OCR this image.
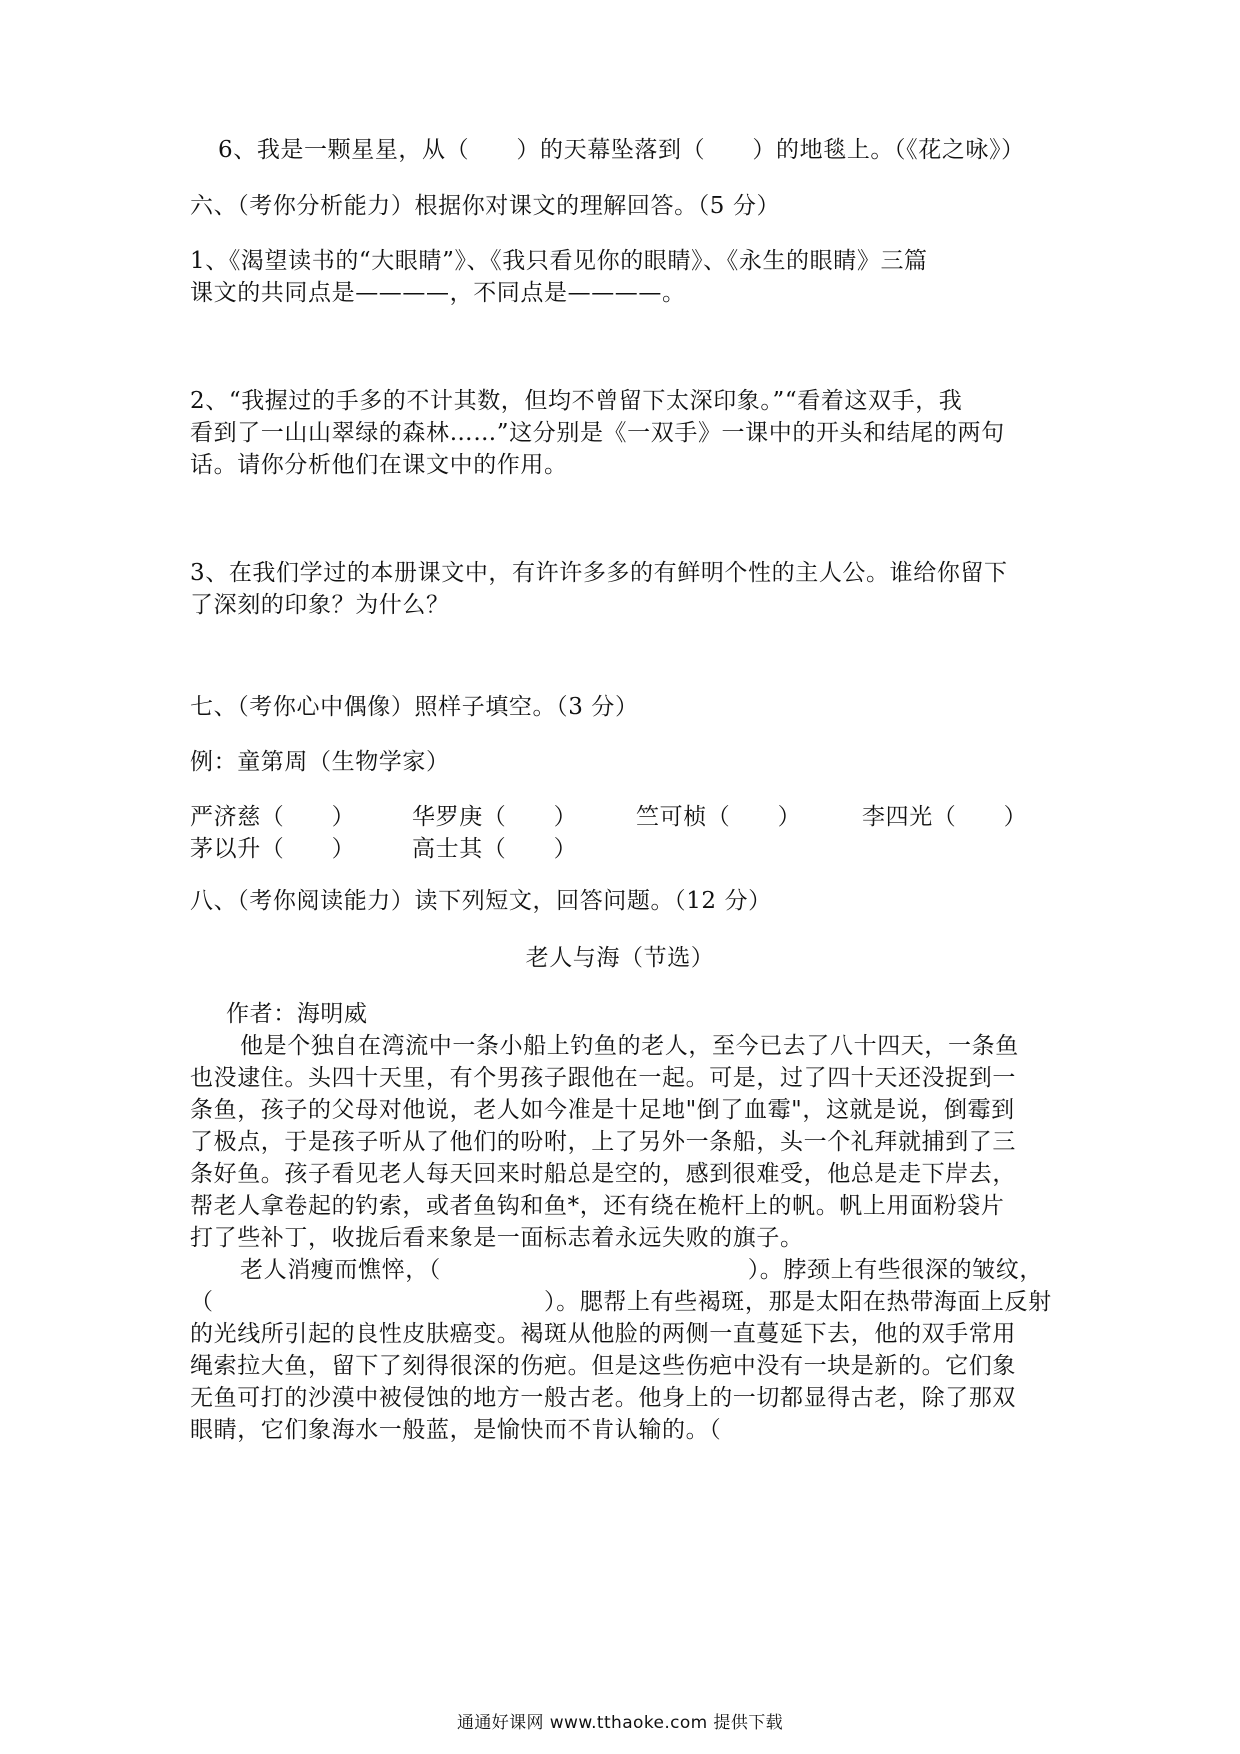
6、我是一颗星星，从（　　）的天幕坠落到（　　）的地毯上。（《花之咏》）
六、（考你分析能力）根据你对课文的理解回答。（5 分）
1、《渴望读书的“大眼睛”》、《我只看见你的眼睛》、《永生的眼睛》三篇
课文的共同点是————，不同点是————。
2、“我握过的手多的不计其数，但均不曾留下太深印象。”“看着这双手，我
看到了一山山翠绿的森林……”这分别是《一双手》一课中的开头和结尾的两句
话。请你分析他们在课文中的作用。
3、在我们学过的本册课文中，有许许多多的有鲜明个性的主人公。谁给你留下
了深刻的印象？为什么？
七、（考你心中偶像）照样子填空。（3 分）
例：童第周（生物学家）
严济慈（　　） 华罗庚（　　）	竺可桢（　　）	李四光（　　）
茅以升（　　） 高士其（　　）
八、（考你阅读能力）读下列短文，回答问题。（12 分）
老人与海（节选）
作者：海明威
他是个独自在湾流中一条小船上钓鱼的老人，至今已去了八十四天，一条鱼
也没逮住。头四十天里，有个男孩子跟他在一起。可是，过了四十天还没捉到一
条鱼，孩子的父母对他说，老人如今准是十足地"倒了血霉"，这就是说，倒霉到
了极点，于是孩子听从了他们的吩咐，上了另外一条船，头一个礼拜就捕到了三
条好鱼。孩子看见老人每天回来时船总是空的，感到很难受，他总是走下岸去，
帮老人拿卷起的钓索，或者鱼钩和鱼*，还有绕在桅杆上的帆。帆上用面粉袋片
打了些补丁，收拢后看来象是一面标志着永远失败的旗子。
老人消瘦而憔悴，（　　　　　　　　　　　　　）。脖颈上有些很深的皱纹，
（　　　　　　　　　　　　　　）。腮帮上有些褐斑，那是太阳在热带海面上反射
的光线所引起的良性皮肤癌变。褐斑从他脸的两侧一直蔓延下去，他的双手常用
绳索拉大鱼，留下了刻得很深的伤疤。但是这些伤疤中没有一块是新的。它们象
无鱼可打的沙漠中被侵蚀的地方一般古老。他身上的一切都显得古老，除了那双
眼睛，它们象海水一般蓝，是愉快而不肯认输的。（
通通好课网 www.tthaoke.com 提供下载
